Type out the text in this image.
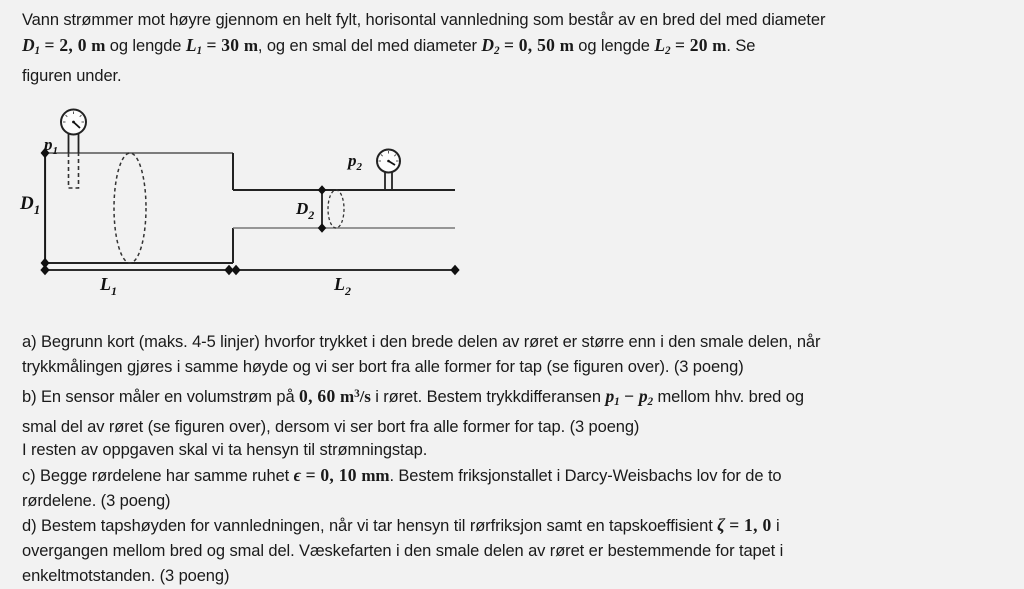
Vann strømmer mot høyre gjennom en helt fylt, horisontal vannledning som består av en bred del med diameter
$D_1 = 2$, 0 m og lengde $L_1 = 30$ m, og en smal del med diameter $D_2 = 0$, 50 m og lengde $L_2 = 20$ m. Se
figuren under.
$D_1$	$D_2$
$L_1$	$L_2$
$p_1$	$p_2$
a) Begrunn kort (maks. 4-5 linjer) hvorfor trykket i den brede delen av røret er større enn i den smale delen, når
trykkmålingen gjøres i samme høyde og vi ser bort fra alle former for tap (se figuren over). (3 poeng)
b) En sensor måler en volumstrøm på 0, 60 $m^3/s$ i røret. Bestem trykkdifferansen $p_1 - p_2$ mellom hhv. bred og
smal del av røret (se figuren over), dersom vi ser bort fra alle former for tap. (3 poeng)
I resten av oppgaven skal vi ta hensyn til strømningstap.
c) Begge rørdelene har samme ruhet ϵ = 0, 10 mm. Bestem friksjonstallet i Darcy-Weisbachs lov for de to
rørdelene. (3 poeng)
d) Bestem tapshøyden for vannledningen, når vi tar hensyn til rørfriksjon samt en tapskoeffisient ζ = 1, 0 i
overgangen mellom bred og smal del. Væskefarten i den smale delen av røret er bestemmende for tapet i
enkeltmotstanden. (3 poeng)
